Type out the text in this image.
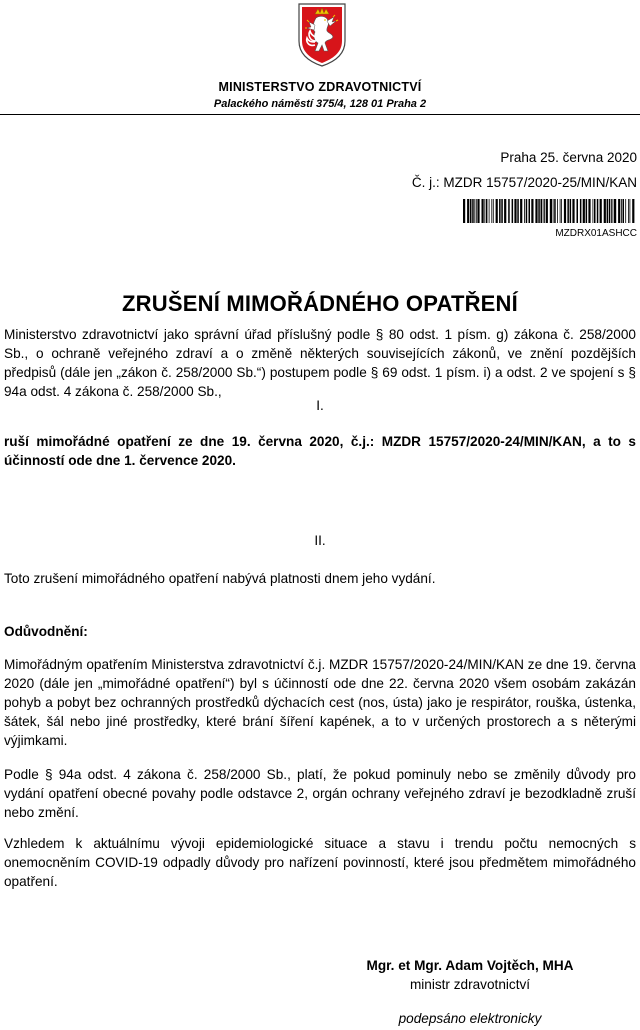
MINISTERSTVO ZDRAVOTNICTVÍ
Palackého náměstí 375/4, 128 01 Praha 2
Praha 25. června 2020
Č. j.: MZDR 15757/2020-25/MIN/KAN
MZDRX01ASHCC
ZRUŠENÍ MIMOŘÁDNÉHO OPATŘENÍ
Ministerstvo zdravotnictví jako správní úřad příslušný podle § 80 odst. 1 písm. g) zákona č. 258/2000 Sb., o ochraně veřejného zdraví a o změně některých souvisejících zákonů, ve znění pozdějších předpisů (dále jen „zákon č. 258/2000 Sb.“) postupem podle § 69 odst. 1 písm. i) a odst. 2 ve spojení s § 94a odst. 4 zákona č. 258/2000 Sb.,
I.
ruší mimořádné opatření ze dne 19. června 2020, č.j.: MZDR 15757/2020-24/MIN/KAN, a to s účinností ode dne 1. července 2020.
II.
Toto zrušení mimořádného opatření nabývá platnosti dnem jeho vydání.
Odůvodnění:
Mimořádným opatřením Ministerstva zdravotnictví č.j. MZDR 15757/2020-24/MIN/KAN ze dne 19. června 2020 (dále jen „mimořádné opatření“) byl s účinností ode dne 22. června 2020 všem osobám zakázán pohyb a pobyt bez ochranných prostředků dýchacích cest (nos, ústa) jako je respirátor, rouška, ústenka, šátek, šál nebo jiné prostředky, které brání šíření kapének, a to v určených prostorech a s něterými výjimkami.
Podle § 94a odst. 4 zákona č. 258/2000 Sb., platí, že pokud pominuly nebo se změnily důvody pro vydání opatření obecné povahy podle odstavce 2, orgán ochrany veřejného zdraví je bezodkladně zruší nebo změní.
Vzhledem k aktuálnímu vývoji epidemiologické situace a stavu i trendu počtu nemocných s onemocněním COVID-19 odpadly důvody pro nařízení povinností, které jsou předmětem mimořádného opatření.
Mgr. et Mgr. Adam Vojtěch, MHA
ministr zdravotnictví
podepsáno elektronicky
